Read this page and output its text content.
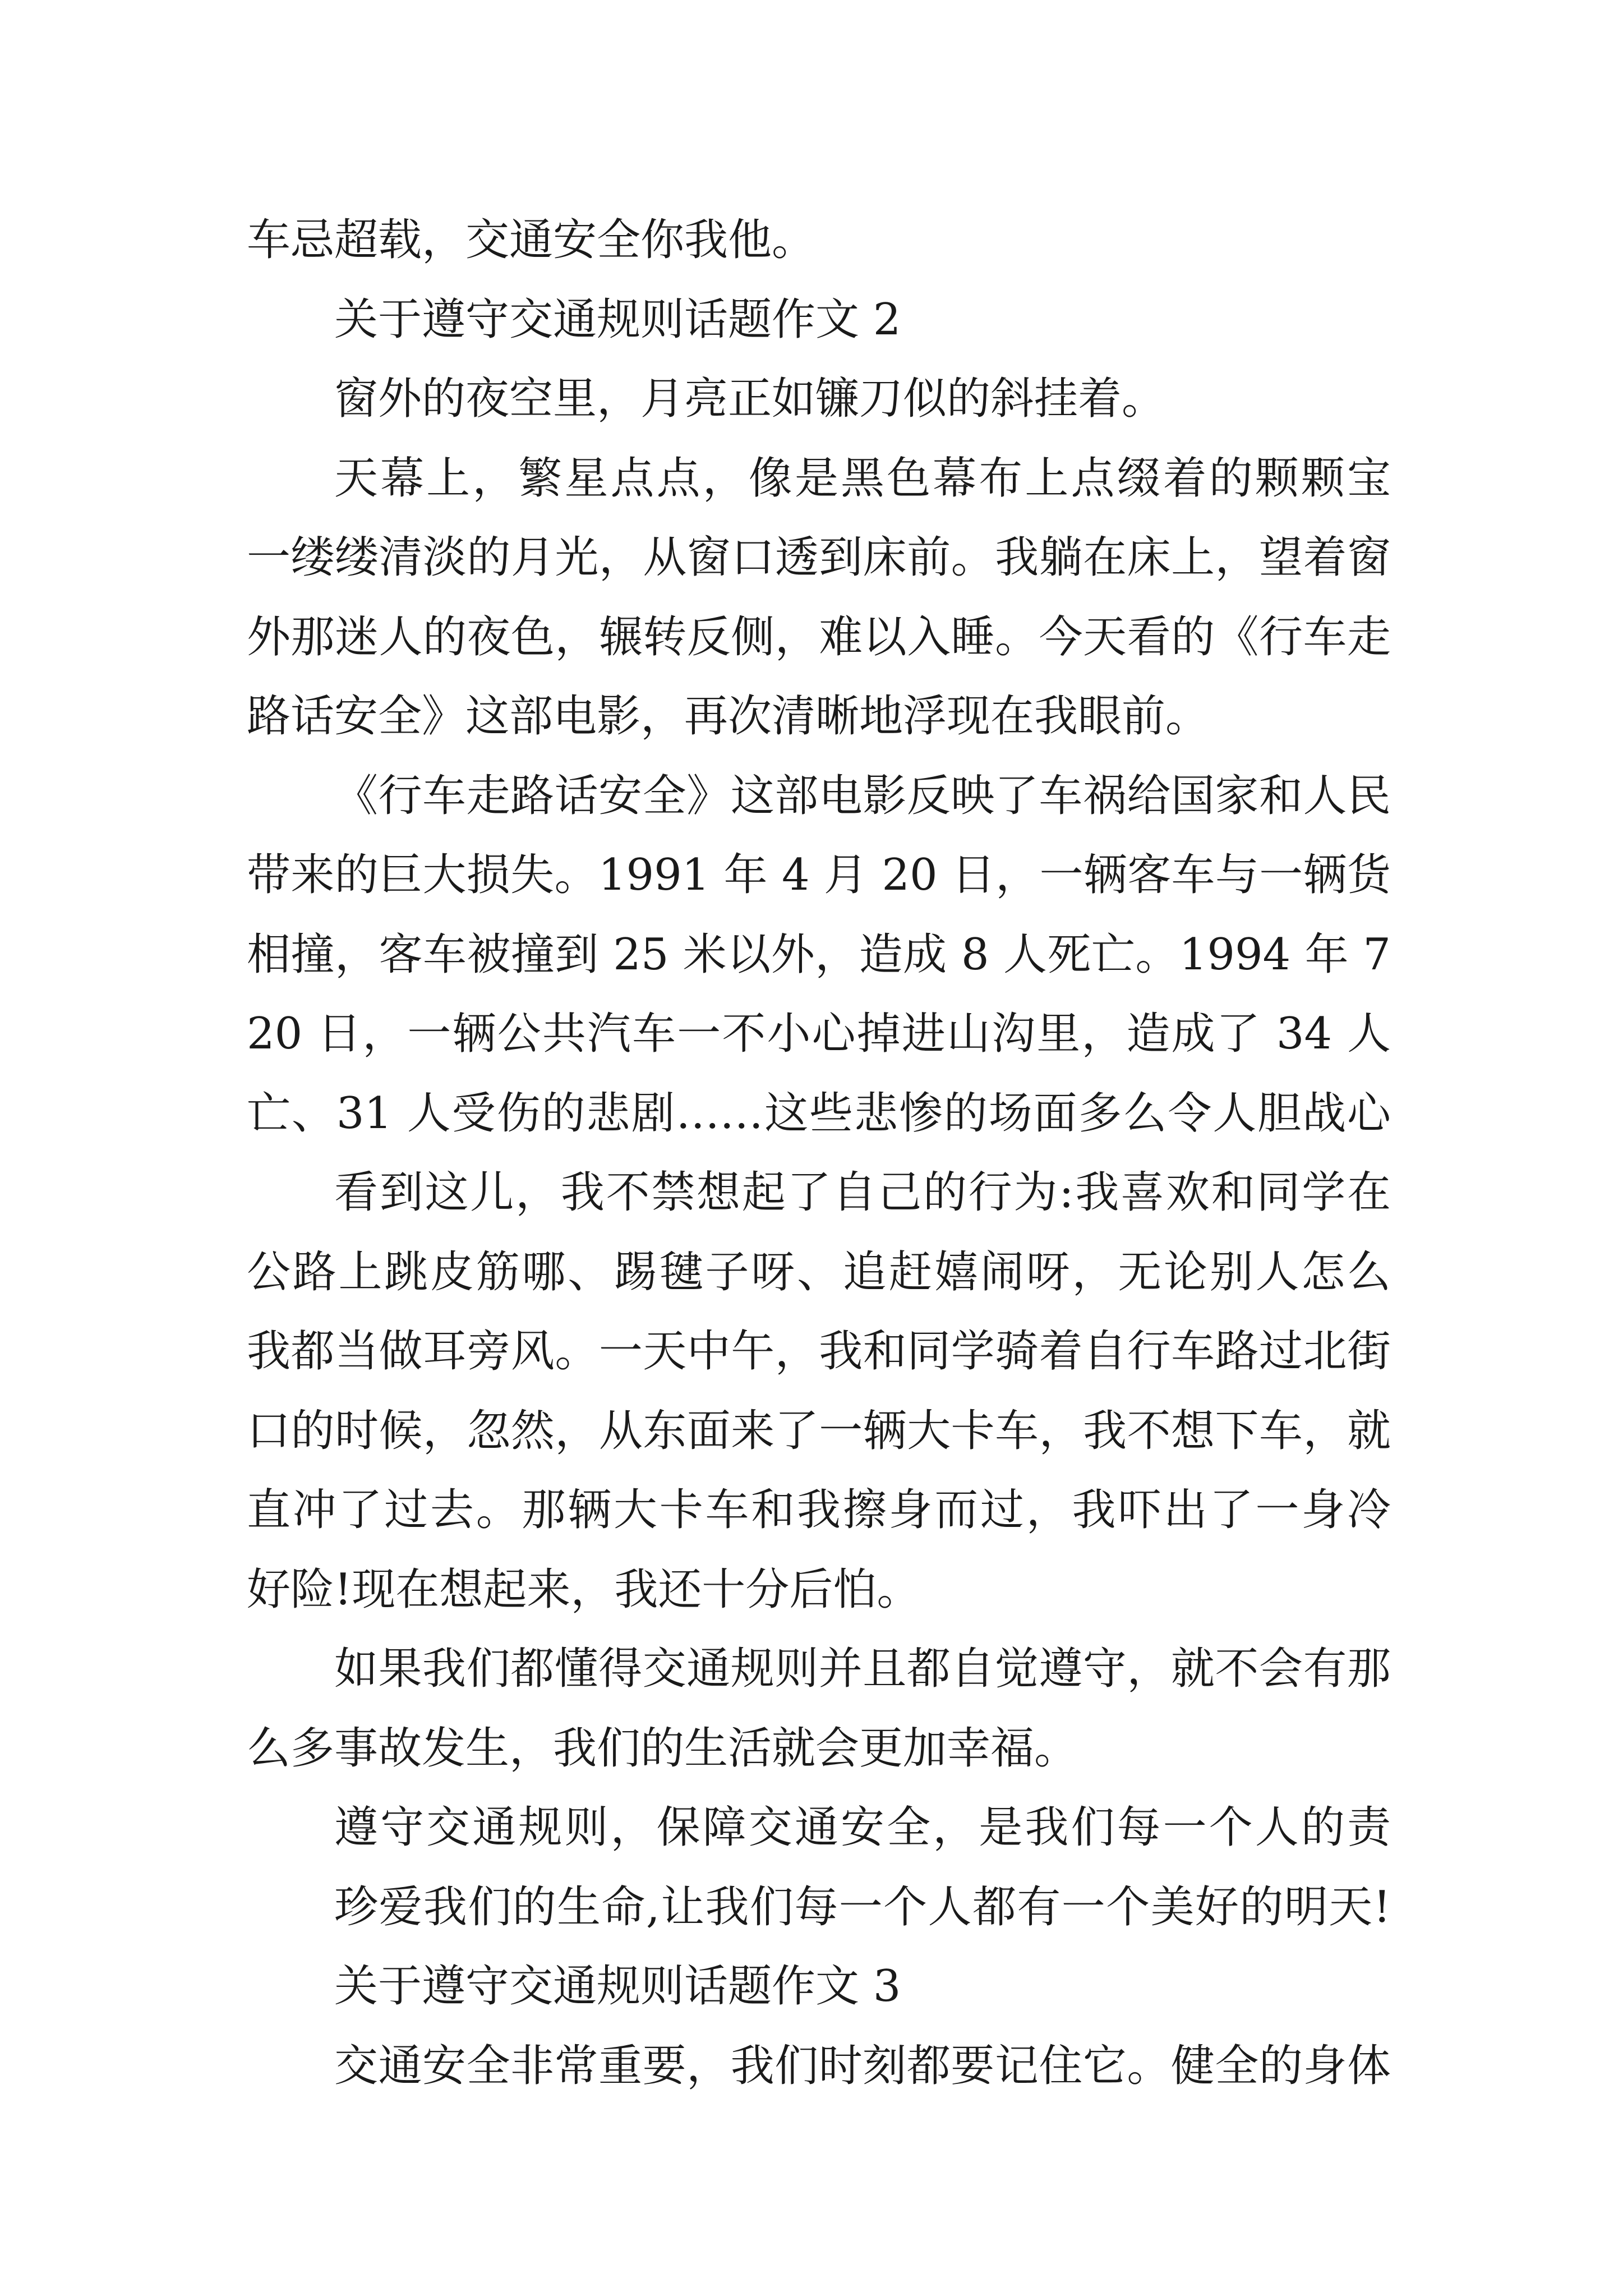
车忌超载，交通安全你我他。
关于遵守交通规则话题作文 2
窗外的夜空里，月亮正如镰刀似的斜挂着。
天幕上，繁星点点，像是黑色幕布上点缀着的颗颗宝
一缕缕清淡的月光，从窗口透到床前。我躺在床上，望着窗
外那迷人的夜色，辗转反侧，难以入睡。今天看的《行车走
路话安全》这部电影，再次清晰地浮现在我眼前。
《行车走路话安全》这部电影反映了车祸给国家和人民
带来的巨大损失。1991 年 4 月 20 日，一辆客车与一辆货
相撞，客车被撞到 25 米以外，造成 8 人死亡。1994 年 7
20 日，一辆公共汽车一不小心掉进山沟里，造成了 34 人
亡、31 人受伤的悲剧……这些悲惨的场面多么令人胆战心
看到这儿，我不禁想起了自己的行为:我喜欢和同学在
公路上跳皮筋哪、踢毽子呀、追赶嬉闹呀，无论别人怎么
我都当做耳旁风。一天中午，我和同学骑着自行车路过北街
口的时候，忽然，从东面来了一辆大卡车，我不想下车，就
直冲了过去。那辆大卡车和我擦身而过，我吓出了一身冷
好险!现在想起来，我还十分后怕。
如果我们都懂得交通规则并且都自觉遵守，就不会有那
么多事故发生，我们的生活就会更加幸福。
遵守交通规则，保障交通安全，是我们每一个人的责
珍爱我们的生命,让我们每一个人都有一个美好的明天!
关于遵守交通规则话题作文 3
交通安全非常重要，我们时刻都要记住它。健全的身体
